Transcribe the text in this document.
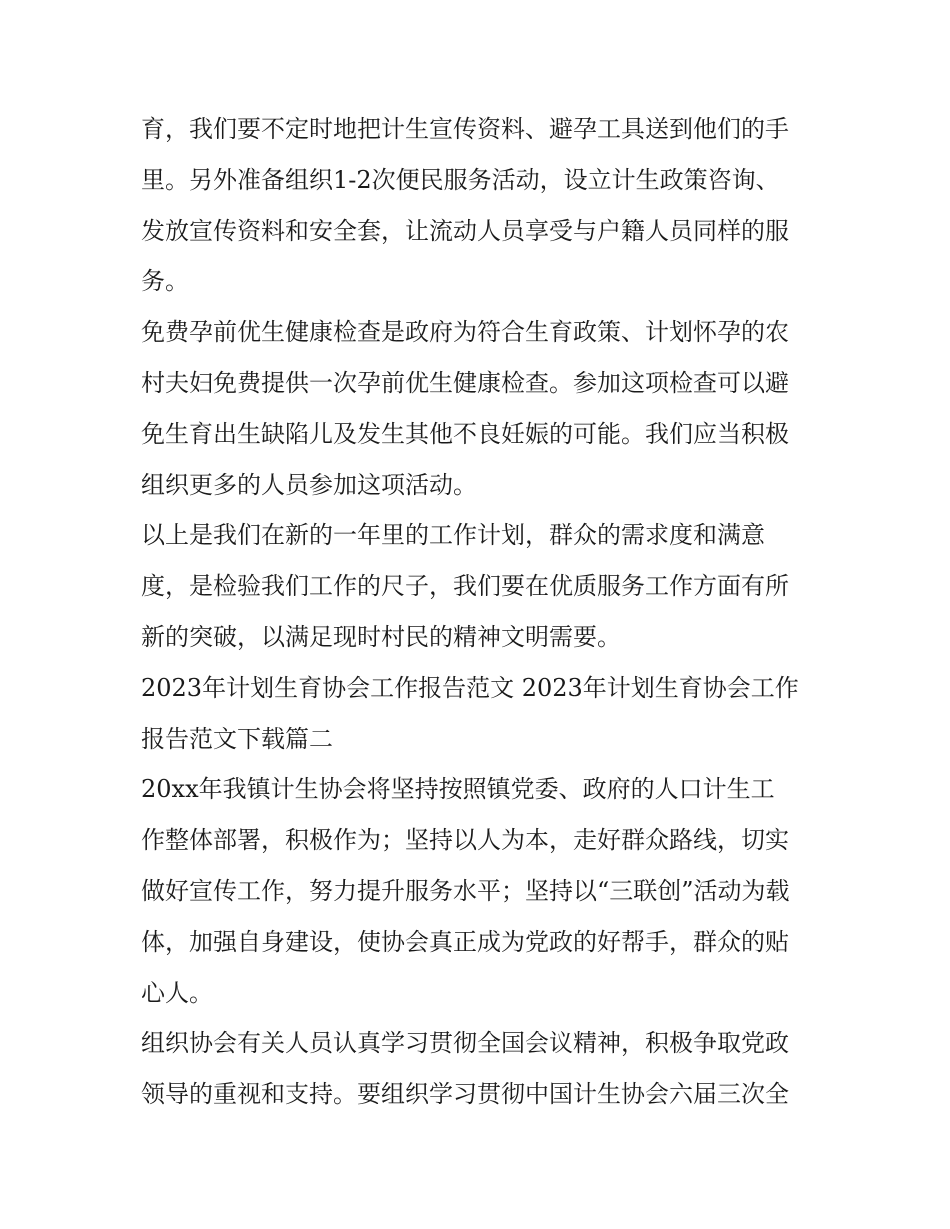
育，我们要不定时地把计生宣传资料、避孕工具送到他们的手
里。另外准备组织1-2次便民服务活动，设立计生政策咨询、
发放宣传资料和安全套，让流动人员享受与户籍人员同样的服
务。
免费孕前优生健康检查是政府为符合生育政策、计划怀孕的农
村夫妇免费提供一次孕前优生健康检查。参加这项检查可以避
免生育出生缺陷儿及发生其他不良妊娠的可能。我们应当积极
组织更多的人员参加这项活动。
以上是我们在新的一年里的工作计划，群众的需求度和满意
度，是检验我们工作的尺子，我们要在优质服务工作方面有所
新的突破，以满足现时村民的精神文明需要。
2023年计划生育协会工作报告范文 2023年计划生育协会工作
报告范文下载篇二
20xx年我镇计生协会将坚持按照镇党委、政府的人口计生工
作整体部署，积极作为；坚持以人为本，走好群众路线，切实
做好宣传工作，努力提升服务水平；坚持以“三联创”活动为载
体，加强自身建设，使协会真正成为党政的好帮手，群众的贴
心人。
组织协会有关人员认真学习贯彻全国会议精神，积极争取党政
领导的重视和支持。要组织学习贯彻中国计生协会六届三次全
